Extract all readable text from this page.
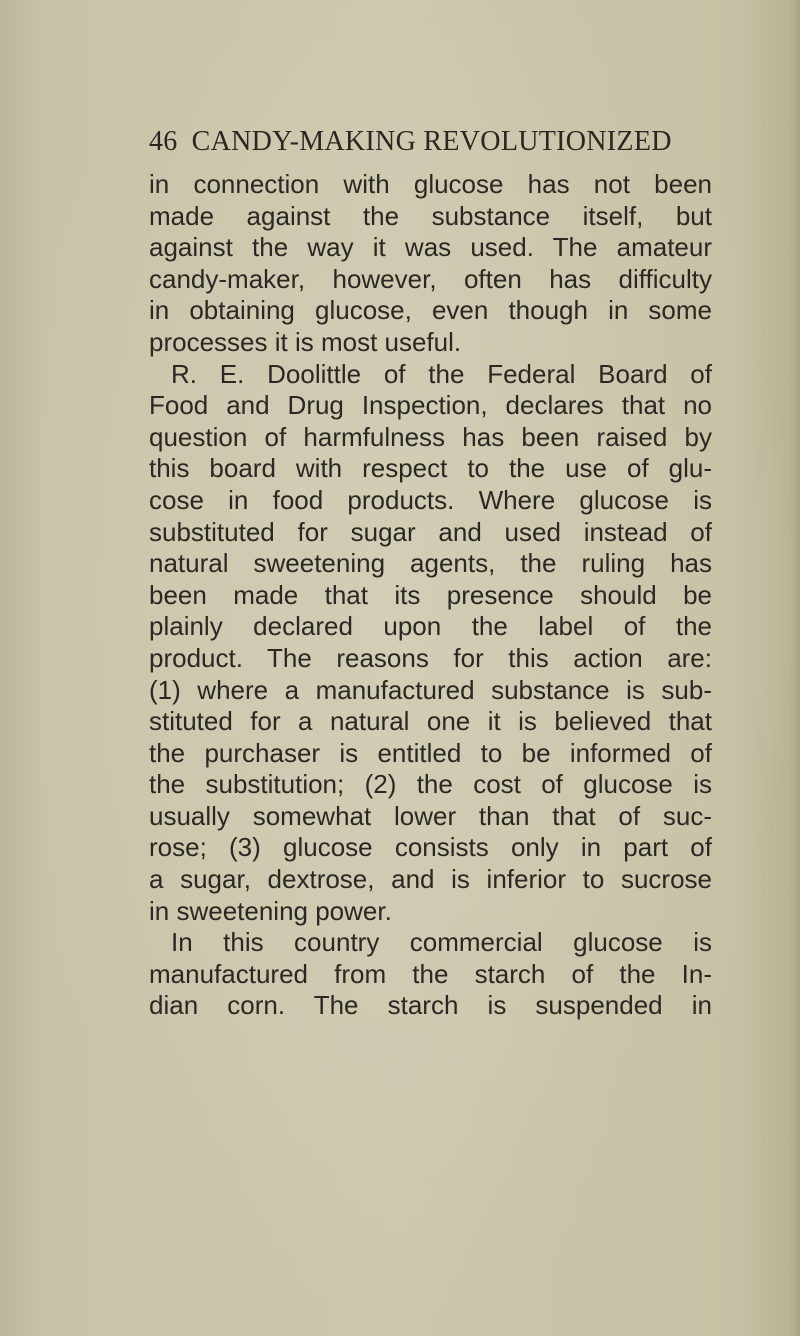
46 CANDY-MAKING REVOLUTIONIZED
in connection with glucose has not been
made against the substance itself, but
against the way it was used. The amateur
candy-maker, however, often has difficulty
in obtaining glucose, even though in some
processes it is most useful.
R. E. Doolittle of the Federal Board of
Food and Drug Inspection, declares that no
question of harmfulness has been raised by
this board with respect to the use of glu-
cose in food products. Where glucose is
substituted for sugar and used instead of
natural sweetening agents, the ruling has
been made that its presence should be
plainly declared upon the label of the
product. The reasons for this action are:
(1) where a manufactured substance is sub-
stituted for a natural one it is believed that
the purchaser is entitled to be informed of
the substitution; (2) the cost of glucose is
usually somewhat lower than that of suc-
rose; (3) glucose consists only in part of
a sugar, dextrose, and is inferior to sucrose
in sweetening power.
In this country commercial glucose is
manufactured from the starch of the In-
dian corn. The starch is suspended in
